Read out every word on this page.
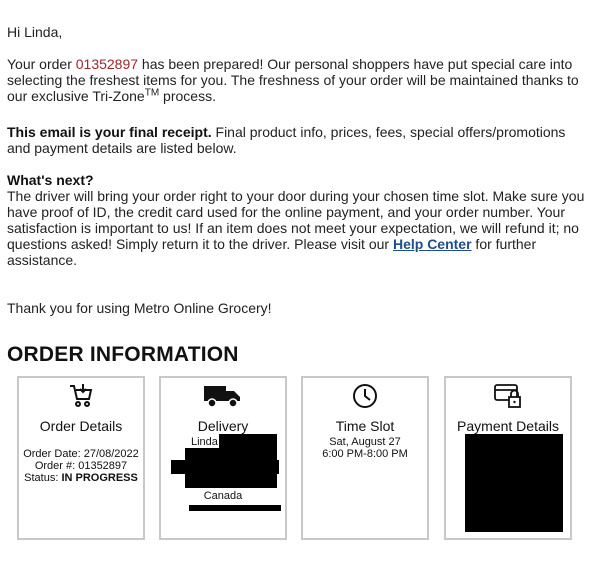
Hi Linda,

Your order 01352897 has been prepared! Our personal shoppers have put special care into selecting the freshest items for you. The freshness of your order will be maintained thanks to our exclusive Tri-Zone™ process.

This email is your final receipt. Final product info, prices, fees, special offers/promotions and payment details are listed below.

What's next?
The driver will bring your order right to your door during your chosen time slot. Make sure you have proof of ID, the credit card used for the online payment, and your order number. Your satisfaction is important to us! If an item does not meet your expectation, we will refund it; no questions asked! Simply return it to the driver. Please visit our Help Center for further assistance.

Thank you for using Metro Online Grocery!

ORDER INFORMATION
Order Details
Order Date: 27/08/2022
Order #: 01352897
Status: IN PROGRESS
Delivery
Linda
Canada
Time Slot
Sat, August 27
6:00 PM-8:00 PM
Payment Details
